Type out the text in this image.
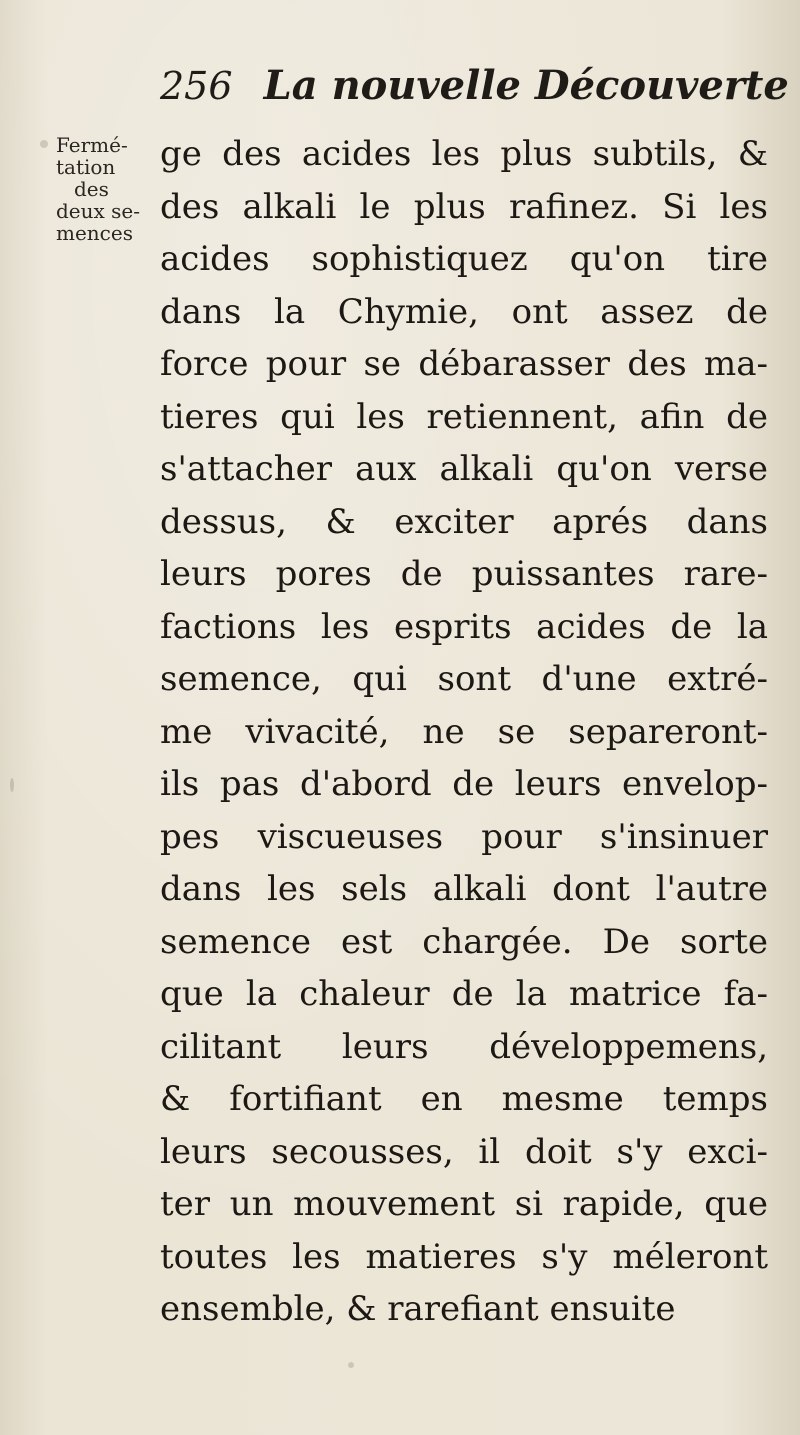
256 La nouvelle Découverte
Fermé-
tation
des
deux se-
mences
ge des acides les plus subtils, &
des alkali le plus rafinez. Si les
acides sophistiquez qu'on tire
dans la Chymie, ont assez de
force pour se débarasser des ma-
tieres qui les retiennent, afin de
s'attacher aux alkali qu'on verse
dessus, & exciter aprés dans
leurs pores de puissantes rare-
factions les esprits acides de la
semence, qui sont d'une extré-
me vivacité, ne se separeront-
ils pas d'abord de leurs envelop-
pes viscueuses pour s'insinuer
dans les sels alkali dont l'autre
semence est chargée. De sorte
que la chaleur de la matrice fa-
cilitant leurs développemens,
& fortifiant en mesme temps
leurs secousses, il doit s'y exci-
ter un mouvement si rapide, que
toutes les matieres s'y méleront
ensemble, & rarefiant ensuite
